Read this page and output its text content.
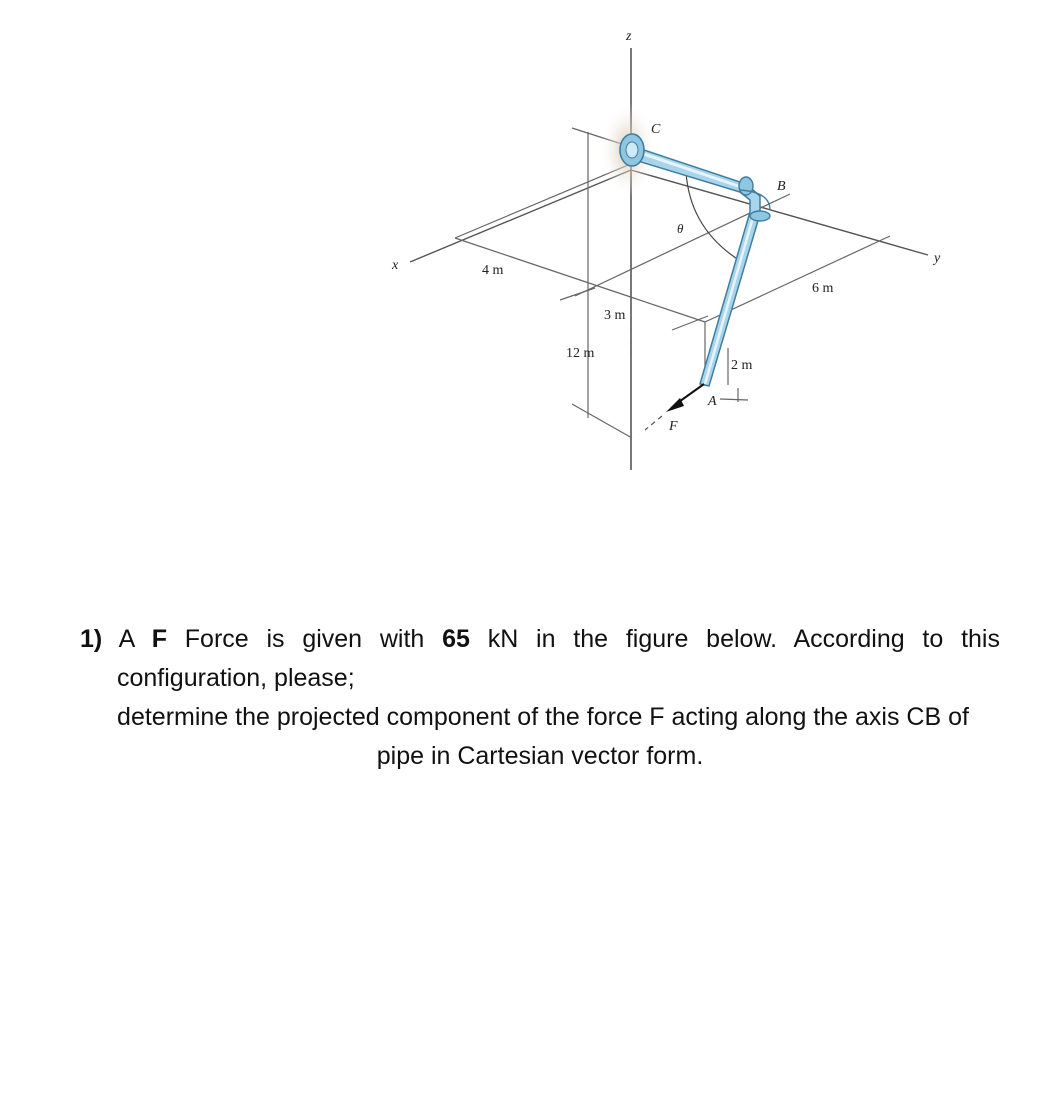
z
x	y
θ
C
B
A
F
4 m
3 m
12 m
6 m
2 m
1) A F Force is given with 65 kN in the figure below. According to this
configuration, please;
determine the projected component of the force F acting along the axis CB of
pipe in Cartesian vector form.
